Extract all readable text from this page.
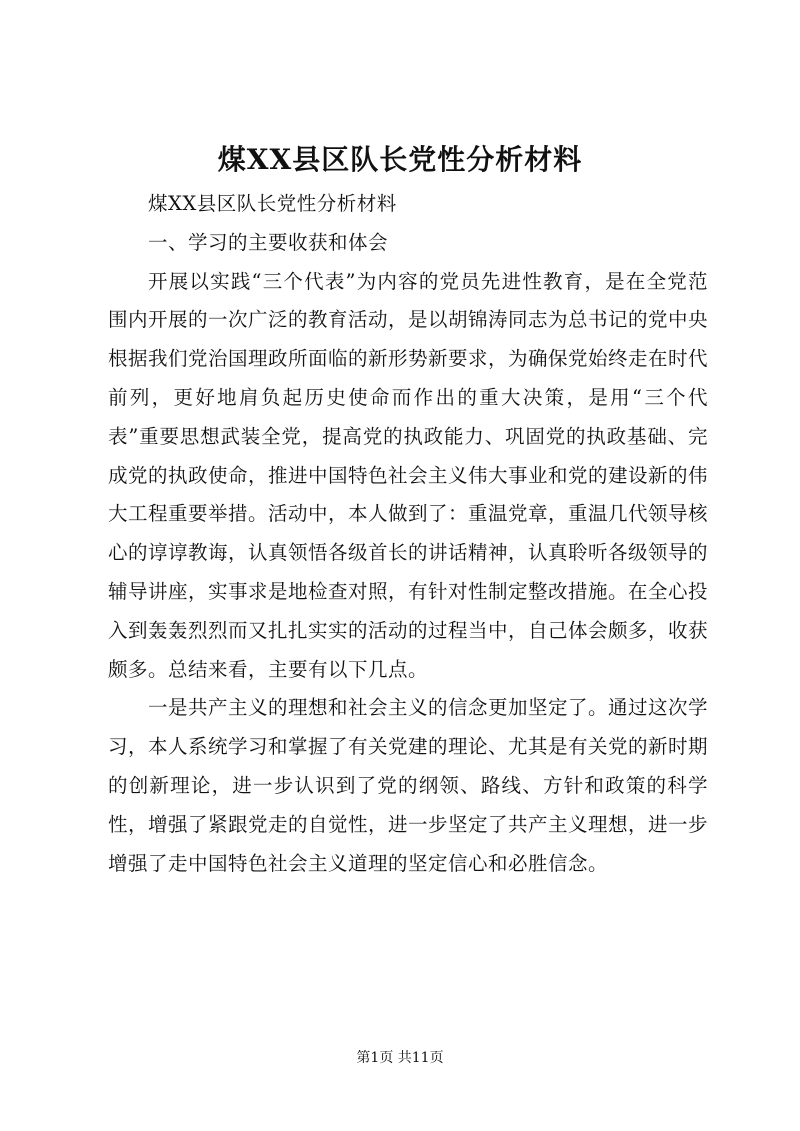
煤XX县区队长党性分析材料

煤XX县区队长党性分析材料

一、学习的主要收获和体会

开展以实践“三个代表”为内容的党员先进性教育，是在全党范围内开展的一次广泛的教育活动，是以胡锦涛同志为总书记的党中央根据我们党治国理政所面临的新形势新要求，为确保党始终走在时代前列，更好地肩负起历史使命而作出的重大决策，是用“三个代表”重要思想武装全党，提高党的执政能力、巩固党的执政基础、完成党的执政使命，推进中国特色社会主义伟大事业和党的建设新的伟大工程重要举措。活动中，本人做到了：重温党章，重温几代领导核心的谆谆教诲，认真领悟各级首长的讲话精神，认真聆听各级领导的辅导讲座，实事求是地检查对照，有针对性制定整改措施。在全心投入到轰轰烈烈而又扎扎实实的活动的过程当中，自己体会颇多，收获颇多。总结来看，主要有以下几点。

一是共产主义的理想和社会主义的信念更加坚定了。通过这次学习，本人系统学习和掌握了有关党建的理论、尤其是有关党的新时期的创新理论，进一步认识到了党的纲领、路线、方针和政策的科学性，增强了紧跟党走的自觉性，进一步坚定了共产主义理想，进一步增强了走中国特色社会主义道理的坚定信心和必胜信念。

第1页 共11页
